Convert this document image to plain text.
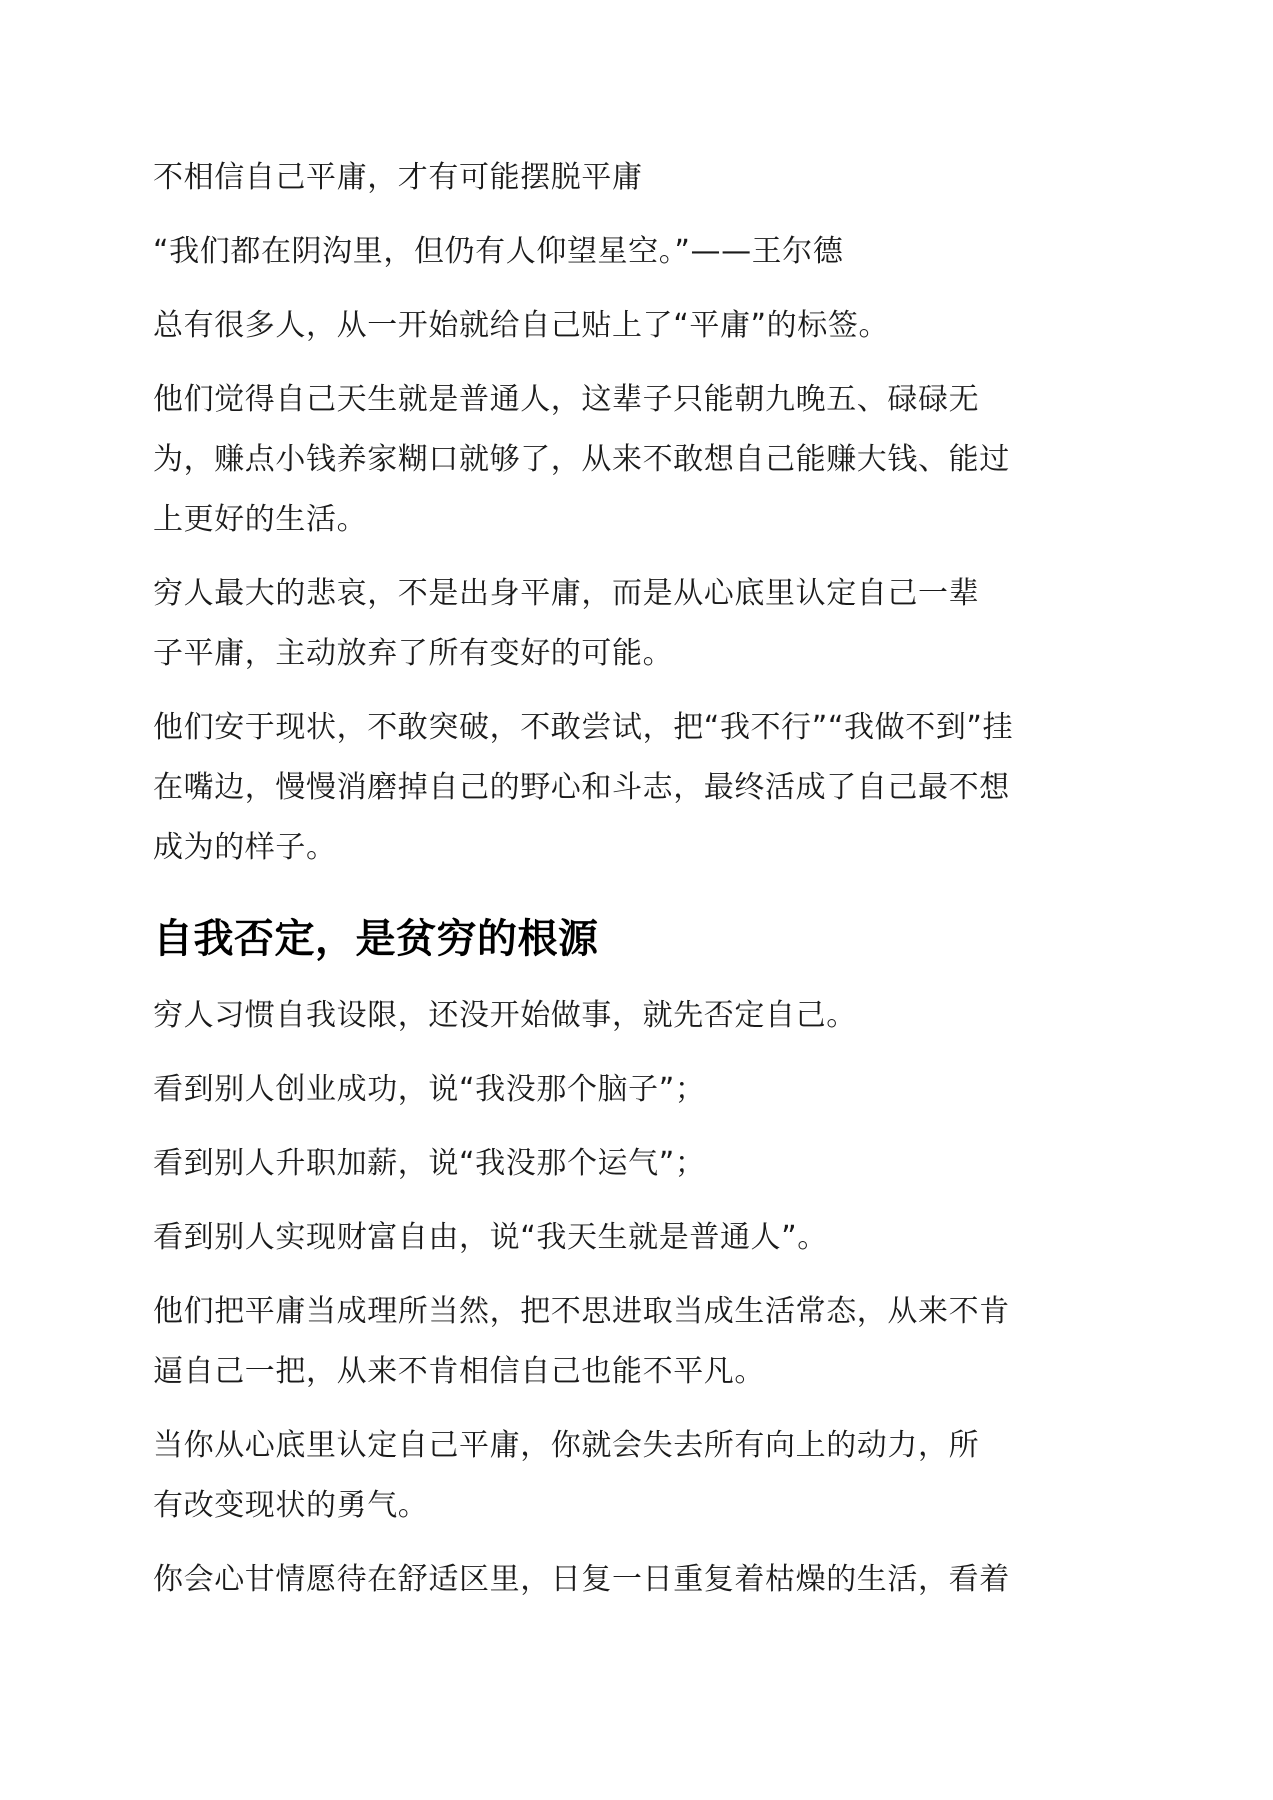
不相信自己平庸，才有可能摆脱平庸

“我们都在阴沟里，但仍有人仰望星空。”——王尔德

总有很多人，从一开始就给自己贴上了“平庸”的标签。

他们觉得自己天生就是普通人，这辈子只能朝九晚五、碌碌无

为，赚点小钱养家糊口就够了，从来不敢想自己能赚大钱、能过

上更好的生活。

穷人最大的悲哀，不是出身平庸，而是从心底里认定自己一辈

子平庸，主动放弃了所有变好的可能。

他们安于现状，不敢突破，不敢尝试，把“我不行”“我做不到”挂

在嘴边，慢慢消磨掉自己的野心和斗志，最终活成了自己最不想

成为的样子。

自我否定，是贫穷的根源

穷人习惯自我设限，还没开始做事，就先否定自己。

看到别人创业成功，说“我没那个脑子”；

看到别人升职加薪，说“我没那个运气”；

看到别人实现财富自由，说“我天生就是普通人”。

他们把平庸当成理所当然，把不思进取当成生活常态，从来不肯

逼自己一把，从来不肯相信自己也能不平凡。

当你从心底里认定自己平庸，你就会失去所有向上的动力，所

有改变现状的勇气。

你会心甘情愿待在舒适区里，日复一日重复着枯燥的生活，看着
